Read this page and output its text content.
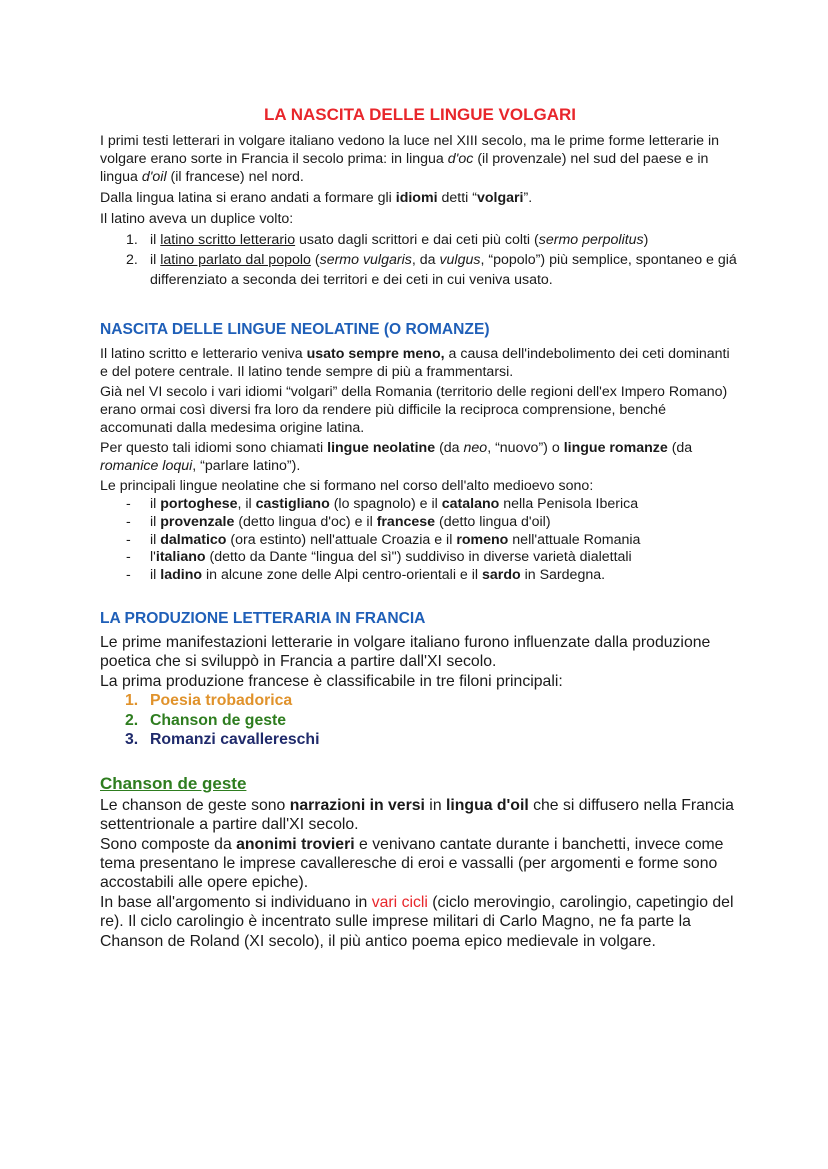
LA NASCITA DELLE LINGUE VOLGARI

I primi testi letterari in volgare italiano vedono la luce nel XIII secolo, ma le prime forme letterarie in volgare erano sorte in Francia il secolo prima: in lingua d'oc (il provenzale) nel sud del paese e in lingua d'oil (il francese) nel nord.

Dalla lingua latina si erano andati a formare gli idiomi detti “volgari”.

Il latino aveva un duplice volto:

1. il latino scritto letterario usato dagli scrittori e dai ceti più colti (sermo perpolitus)
2. il latino parlato dal popolo (sermo vulgaris, da vulgus, “popolo”) più semplice, spontaneo e giá differenziato a seconda dei territori e dei ceti in cui veniva usato.
NASCITA DELLE LINGUE NEOLATINE (O ROMANZE)

Il latino scritto e letterario veniva usato sempre meno, a causa dell'indebolimento dei ceti dominanti e del potere centrale. Il latino tende sempre di più a frammentarsi.

Già nel VI secolo i vari idiomi “volgari” della Romania (territorio delle regioni dell'ex Impero Romano) erano ormai così diversi fra loro da rendere più difficile la reciproca comprensione, benché accomunati dalla medesima origine latina.

Per questo tali idiomi sono chiamati lingue neolatine (da neo, “nuovo”) o lingue romanze (da romanice loqui, “parlare latino”).

Le principali lingue neolatine che si formano nel corso dell'alto medioevo sono:

- il portoghese, il castigliano (lo spagnolo) e il catalano nella Penisola Iberica
- il provenzale (detto lingua d'oc) e il francese (detto lingua d'oil)
- il dalmatico (ora estinto) nell'attuale Croazia e il romeno nell'attuale Romania
- l'italiano (detto da Dante “lingua del sì") suddiviso in diverse varietà dialettali
- il ladino in alcune zone delle Alpi centro-orientali e il sardo in Sardegna.
LA PRODUZIONE LETTERARIA IN FRANCIA

Le prime manifestazioni letterarie in volgare italiano furono influenzate dalla produzione poetica che si sviluppò in Francia a partire dall'XI secolo.

La prima produzione francese è classificabile in tre filoni principali:

1. Poesia trobadorica
2. Chanson de geste
3. Romanzi cavallereschi
Chanson de geste

Le chanson de geste sono narrazioni in versi in lingua d'oil che si diffusero nella Francia settentrionale a partire dall'XI secolo.

Sono composte da anonimi trovieri e venivano cantate durante i banchetti, invece come tema presentano le imprese cavalleresche di eroi e vassalli (per argomenti e forme sono accostabili alle opere epiche).

In base all'argomento si individuano in vari cicli (ciclo merovingio, carolingio, capetingio del re). Il ciclo carolingio è incentrato sulle imprese militari di Carlo Magno, ne fa parte la Chanson de Roland (XI secolo), il più antico poema epico medievale in volgare.
